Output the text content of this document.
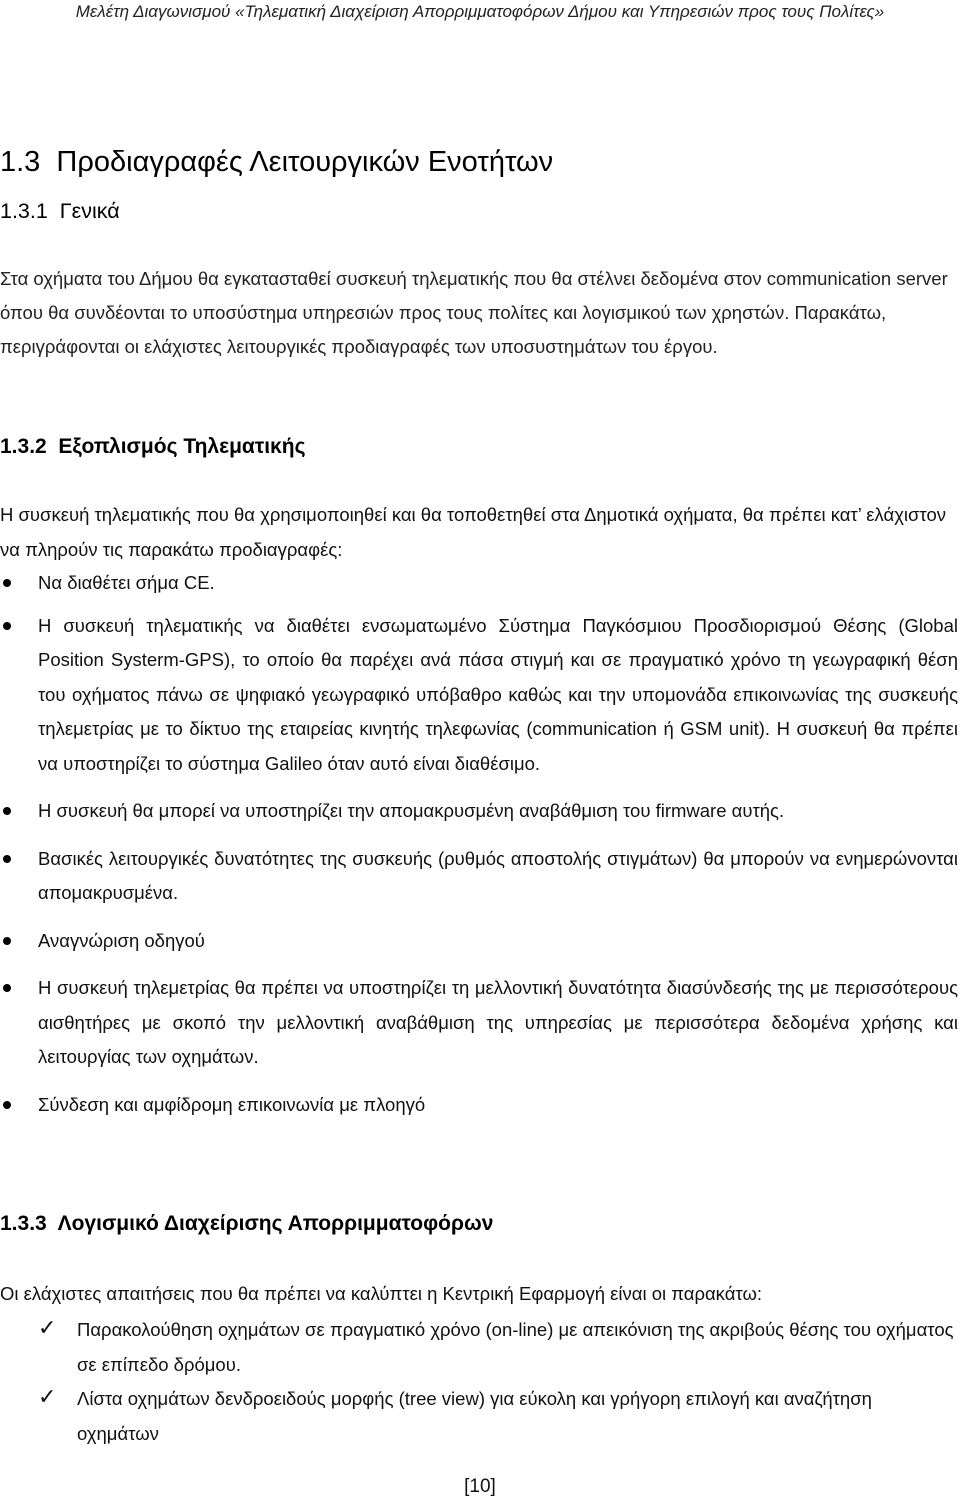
Μελέτη Διαγωνισμού «Τηλεματική Διαχείριση Απορριμματοφόρων Δήμου και Υπηρεσιών προς τους Πολίτες»
1.3  Προδιαγραφές Λειτουργικών Ενοτήτων
1.3.1  Γενικά
Στα οχήματα του Δήμου θα εγκατασταθεί συσκευή τηλεματικής που θα στέλνει δεδομένα στον communication server όπου θα συνδέονται το υποσύστημα υπηρεσιών προς τους πολίτες και λογισμικού των χρηστών. Παρακάτω, περιγράφονται οι ελάχιστες λειτουργικές προδιαγραφές των υποσυστημάτων του έργου.
1.3.2  Εξοπλισμός Τηλεματικής
Η συσκευή τηλεματικής που θα χρησιμοποιηθεί και θα τοποθετηθεί στα Δημοτικά οχήματα, θα πρέπει κατ’ ελάχιστον να πληρούν τις παρακάτω προδιαγραφές:
Να διαθέτει σήμα CE.
Η συσκευή τηλεματικής να διαθέτει ενσωματωμένο Σύστημα Παγκόσμιου Προσδιορισμού Θέσης (Global Position Systerm-GPS), το οποίο θα παρέχει ανά πάσα στιγμή και σε πραγματικό χρόνο τη γεωγραφική θέση του οχήματος πάνω σε ψηφιακό γεωγραφικό υπόβαθρο καθώς και την υπομονάδα επικοινωνίας της συσκευής τηλεμετρίας με το δίκτυο της εταιρείας κινητής τηλεφωνίας (communication ή GSM unit). Η συσκευή θα πρέπει να υποστηρίζει το σύστημα Galileo όταν αυτό είναι διαθέσιμο.
Η συσκευή θα μπορεί να υποστηρίζει την απομακρυσμένη αναβάθμιση του firmware αυτής.
Βασικές λειτουργικές δυνατότητες της συσκευής (ρυθμός αποστολής στιγμάτων) θα μπορούν να ενημερώνονται απομακρυσμένα.
Αναγνώριση οδηγού
Η συσκευή τηλεμετρίας θα πρέπει να υποστηρίζει τη μελλοντική δυνατότητα διασύνδεσής της με περισσότερους αισθητήρες με σκοπό την μελλοντική αναβάθμιση της υπηρεσίας με περισσότερα δεδομένα χρήσης και λειτουργίας των οχημάτων.
Σύνδεση και αμφίδρομη επικοινωνία με πλοηγό
1.3.3  Λογισμικό Διαχείρισης Απορριμματοφόρων
Οι ελάχιστες απαιτήσεις που θα πρέπει να καλύπτει η Κεντρική Εφαρμογή είναι οι παρακάτω:
✓ Παρακολούθηση οχημάτων σε πραγματικό χρόνο (on-line) με απεικόνιση της ακριβούς θέσης του οχήματος σε επίπεδο δρόμου.
✓ Λίστα οχημάτων δενδροειδούς μορφής (tree view) για εύκολη και γρήγορη επιλογή και αναζήτηση οχημάτων
[10]
